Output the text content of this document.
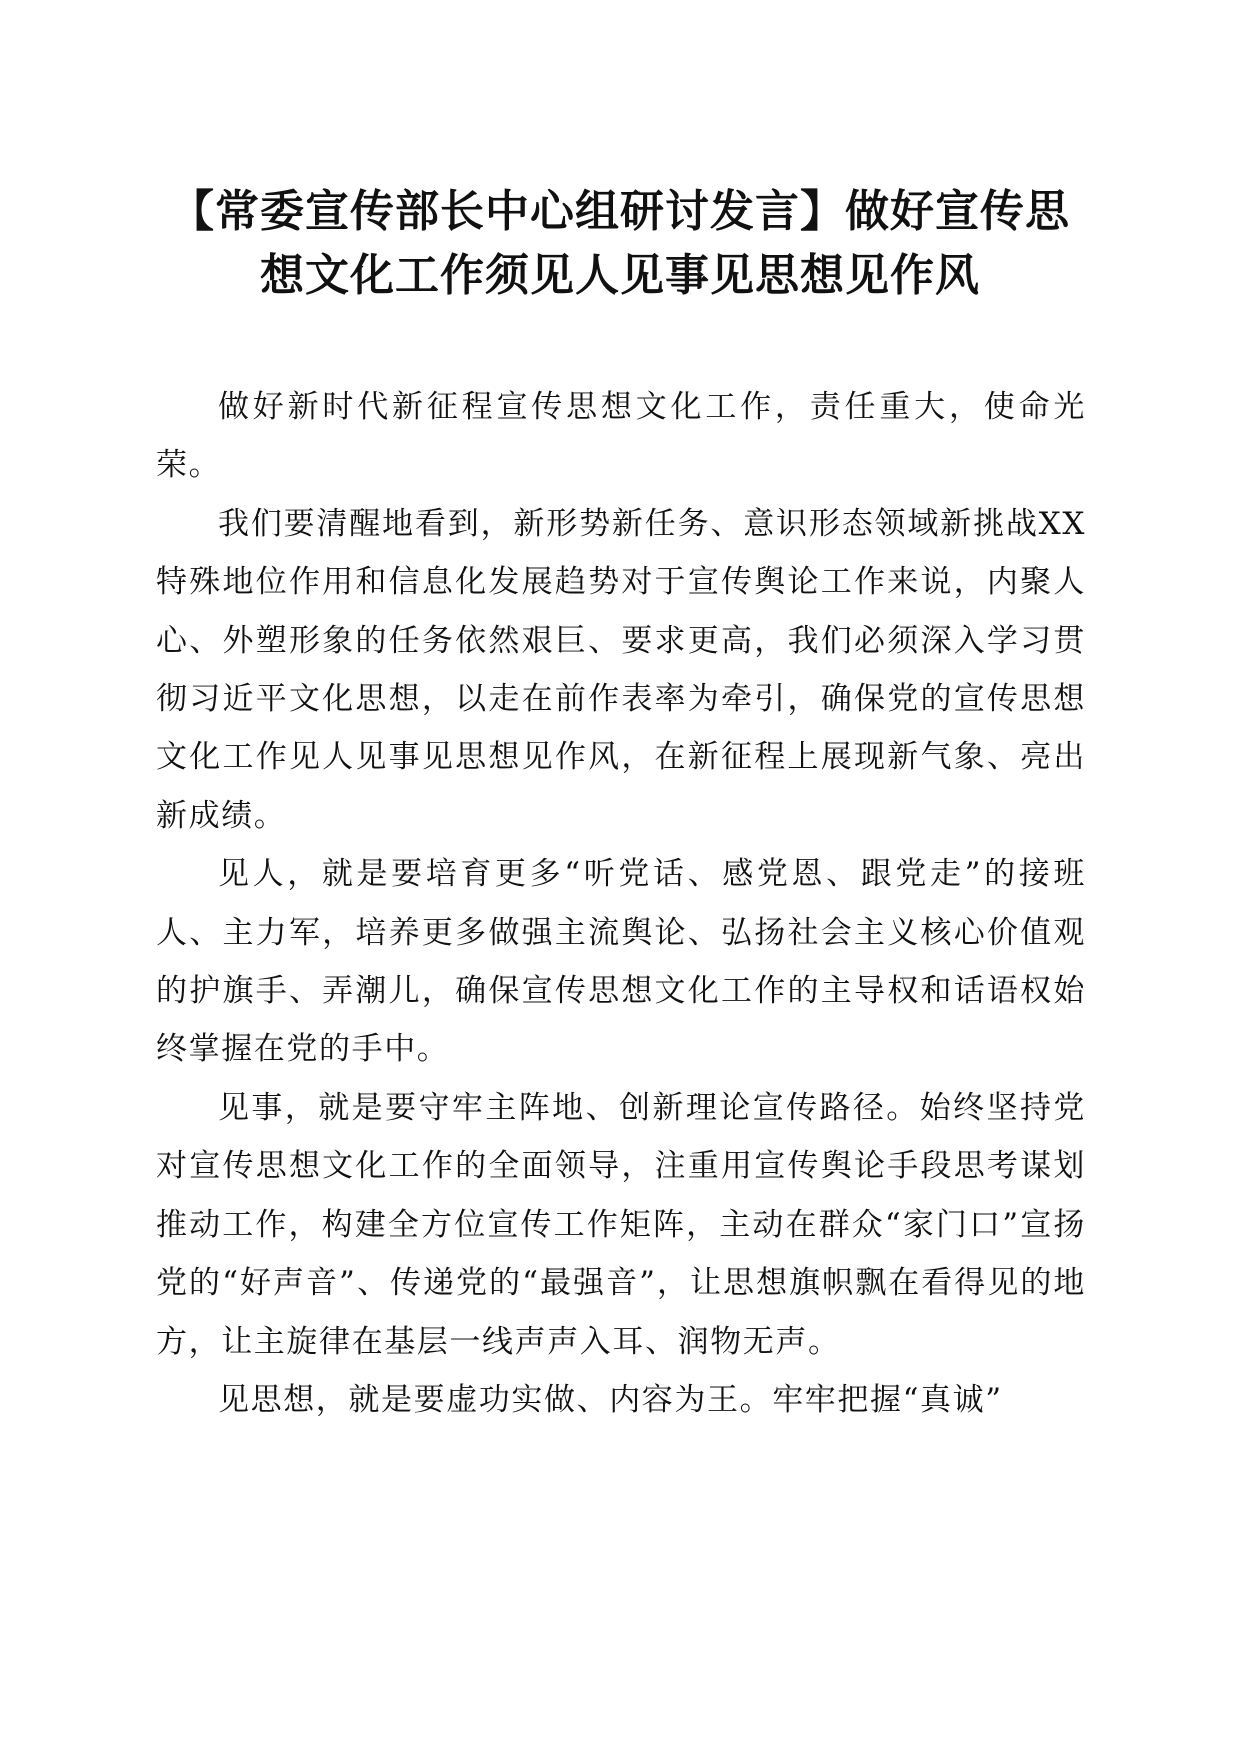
【常委宣传部长中心组研讨发言】做好宣传思
想文化工作须见人见事见思想见作风

做好新时代新征程宣传思想文化工作，责任重大，使命光荣。

我们要清醒地看到，新形势新任务、意识形态领域新挑战XX特殊地位作用和信息化发展趋势对于宣传舆论工作来说，内聚人心、外塑形象的任务依然艰巨、要求更高，我们必须深入学习贯彻习近平文化思想，以走在前作表率为牵引，确保党的宣传思想文化工作见人见事见思想见作风，在新征程上展现新气象、亮出新成绩。

见人，就是要培育更多“听党话、感党恩、跟党走”的接班人、主力军，培养更多做强主流舆论、弘扬社会主义核心价值观的护旗手、弄潮儿，确保宣传思想文化工作的主导权和话语权始终掌握在党的手中。

见事，就是要守牢主阵地、创新理论宣传路径。始终坚持党对宣传思想文化工作的全面领导，注重用宣传舆论手段思考谋划推动工作，构建全方位宣传工作矩阵，主动在群众“家门口”宣扬党的“好声音”、传递党的“最强音”，让思想旗帜飘在看得见的地方，让主旋律在基层一线声声入耳、润物无声。

见思想，就是要虚功实做、内容为王。牢牢把握“真诚”
